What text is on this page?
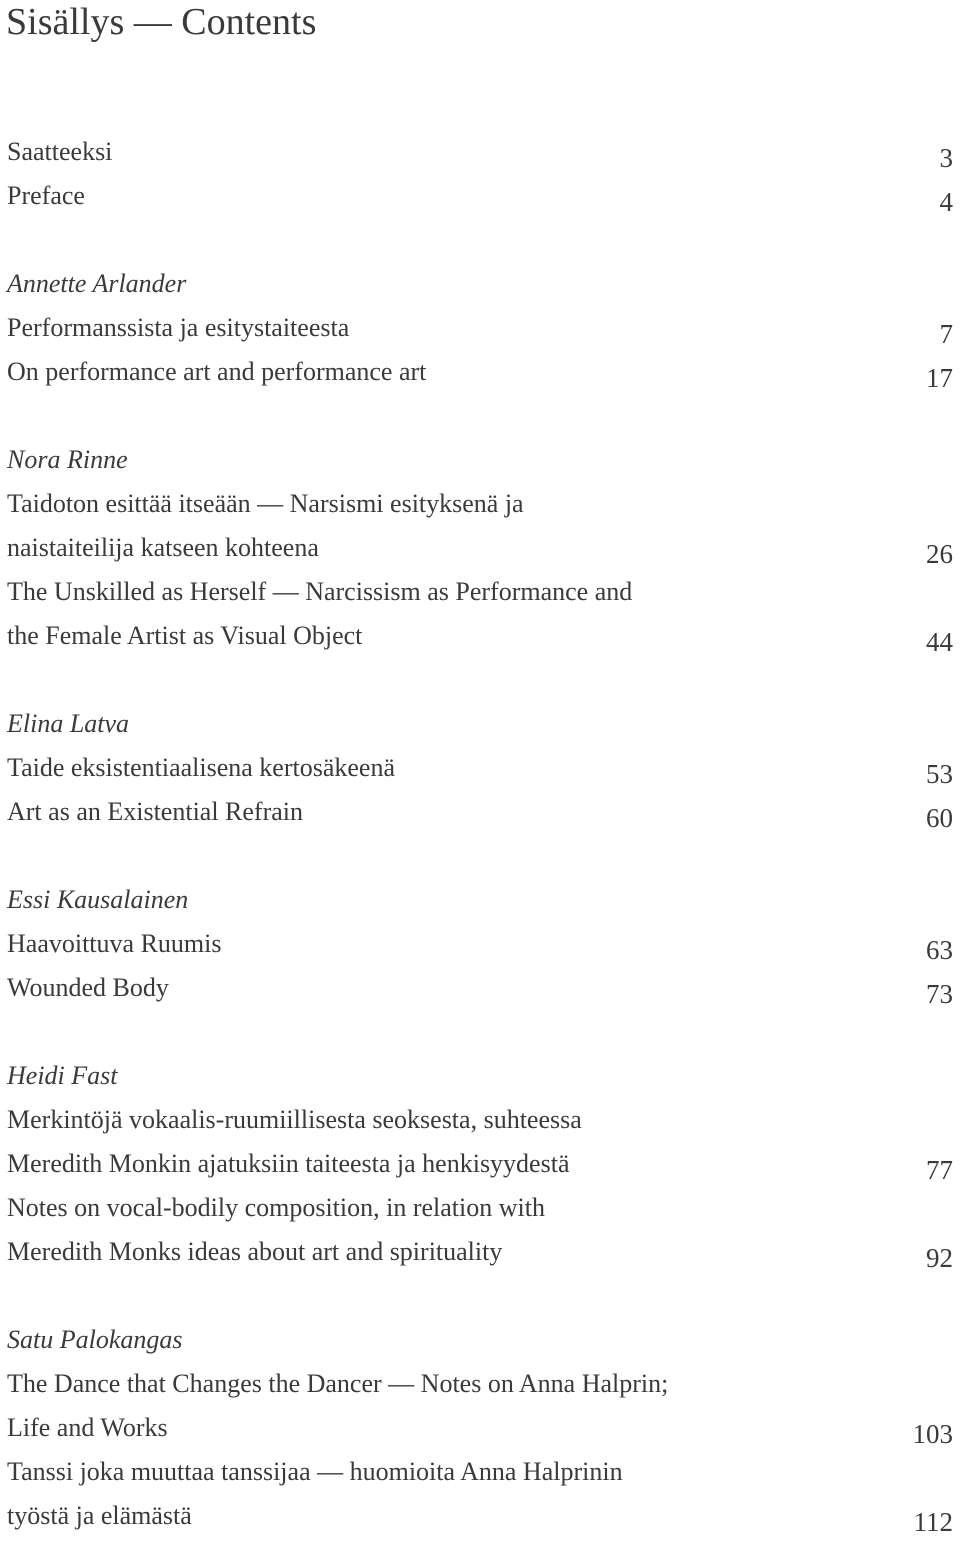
Sisällys — Contents
Saatteeksi	3
Preface	4
Annette Arlander
Performanssista ja esitystaiteesta	7
On performance art and performance art	17
Nora Rinne
Taidoton esittää itseään — Narsismi esityksenä ja
naistaiteilija katseen kohteena	26
The Unskilled as Herself — Narcissism as Performance and
the Female Artist as Visual Object	44
Elina Latva
Taide eksistentiaalisena kertosäkeenä	53
Art as an Existential Refrain	60
Essi Kausalainen
Haavoittuva Ruumis	63
Wounded Body	73
Heidi Fast
Merkintöjä vokaalis-ruumiillisesta seoksesta, suhteessa
Meredith Monkin ajatuksiin taiteesta ja henkisyydestä	77
Notes on vocal-bodily composition, in relation with
Meredith Monks ideas about art and spirituality	92
Satu Palokangas
The Dance that Changes the Dancer — Notes on Anna Halprin;
Life and Works	103
Tanssi joka muuttaa tanssijaa — huomioita Anna Halprinin
työstä ja elämästä	112
